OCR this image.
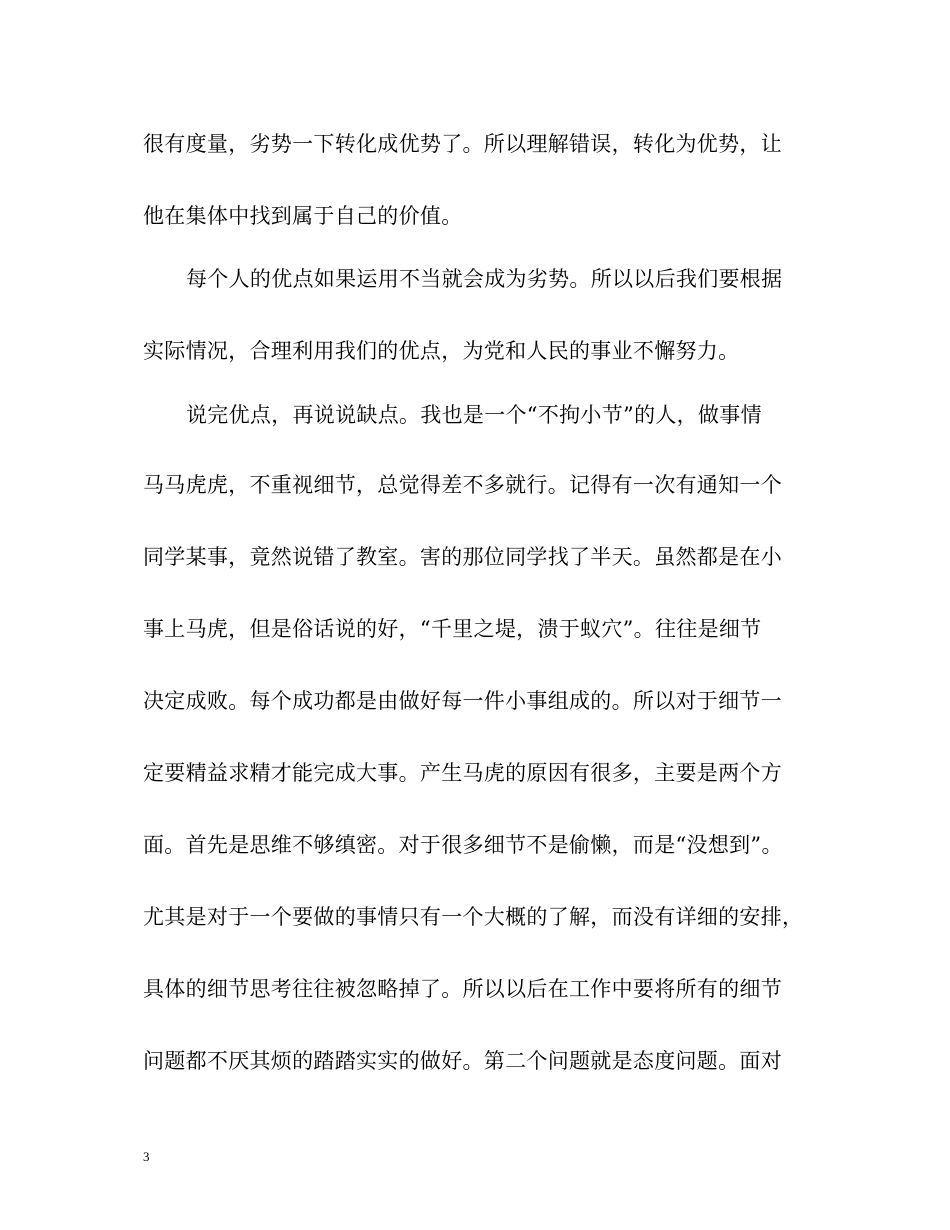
很有度量，劣势一下转化成优势了。所以理解错误，转化为优势，让
他在集体中找到属于自己的价值。
每个人的优点如果运用不当就会成为劣势。所以以后我们要根据
实际情况，合理利用我们的优点，为党和人民的事业不懈努力。
说完优点，再说说缺点。我也是一个“不拘小节”的人，做事情
马马虎虎，不重视细节，总觉得差不多就行。记得有一次有通知一个
同学某事，竟然说错了教室。害的那位同学找了半天。虽然都是在小
事上马虎，但是俗话说的好，“千里之堤，溃于蚁穴”。往往是细节
决定成败。每个成功都是由做好每一件小事组成的。所以对于细节一
定要精益求精才能完成大事。产生马虎的原因有很多，主要是两个方
面。首先是思维不够缜密。对于很多细节不是偷懒，而是“没想到”。
尤其是对于一个要做的事情只有一个大概的了解，而没有详细的安排，
具体的细节思考往往被忽略掉了。所以以后在工作中要将所有的细节
问题都不厌其烦的踏踏实实的做好。第二个问题就是态度问题。面对
3
